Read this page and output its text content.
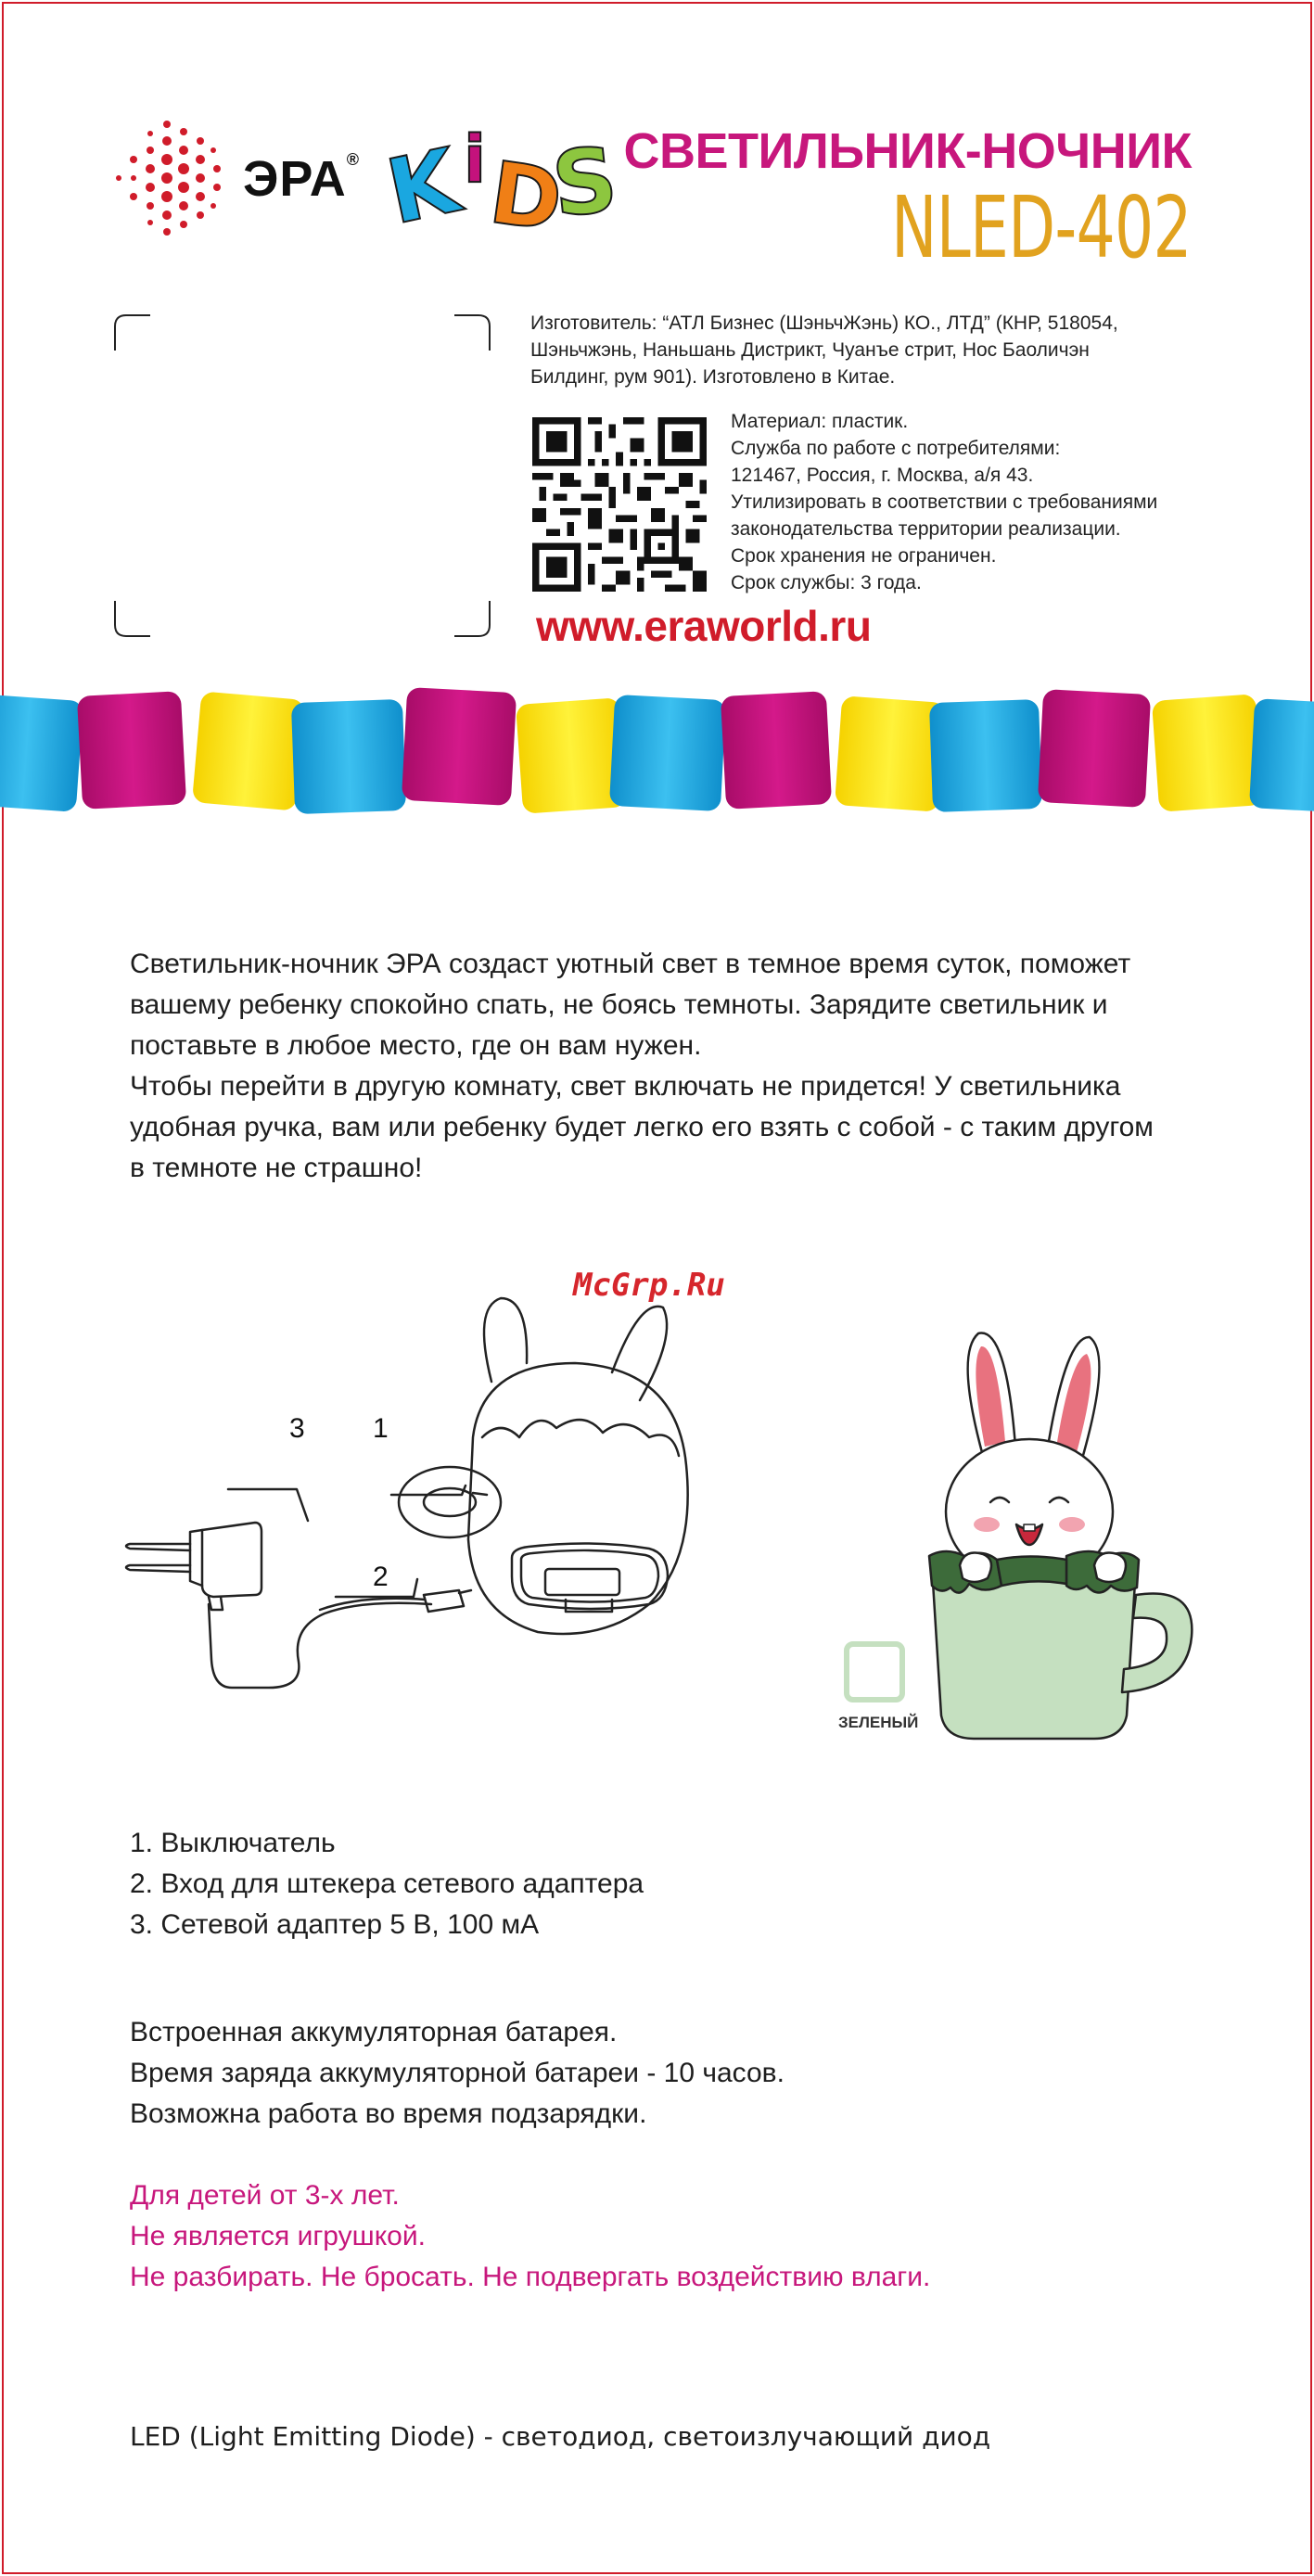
ЭРА® K
i
D
S СВЕТИЛЬНИК-НОЧНИК
NLED-402
Изготовитель: “АТЛ Бизнес (ШэньчЖэнь) КО., ЛТД” (КНР, 518054,
Шэньчжэнь, Наньшань Дистрикт, Чуанъе стрит, Нос Баоличэн
Билдинг, рум 901). Изготовлено в Китае.
Материал: пластик.
Служба по работе с потребителями:
121467, Россия, г. Москва, а/я 43.
Утилизировать в соответствии с требованиями
законодательства территории реализации.
Срок хранения не ограничен.
Срок службы: 3 года.
www.eraworld.ru
Светильник-ночник ЭРА создаст уютный свет в темное время суток, поможет
вашему ребенку спокойно спать, не боясь темноты. Зарядите светильник и
поставьте в любое место, где он вам нужен.
Чтобы перейти в другую комнату, свет включать не придется! У светильника
удобная ручка, вам или ребенку будет легко его взять с собой - с таким другом
в темноте не страшно!
McGrp.Ru
3 1
2
ЗЕЛЕНЫЙ
1. Выключатель
2. Вход для штекера сетевого адаптера
3. Сетевой адаптер 5 В, 100 мА
Встроенная аккумуляторная батарея.
Время заряда аккумуляторной батареи - 10 часов.
Возможна работа во время подзарядки.
Для детей от 3-х лет.
Не является игрушкой.
Не разбирать. Не бросать. Не подвергать воздействию влаги.
LED (Light Emitting Diode) - светодиод, светоизлучающий диод
